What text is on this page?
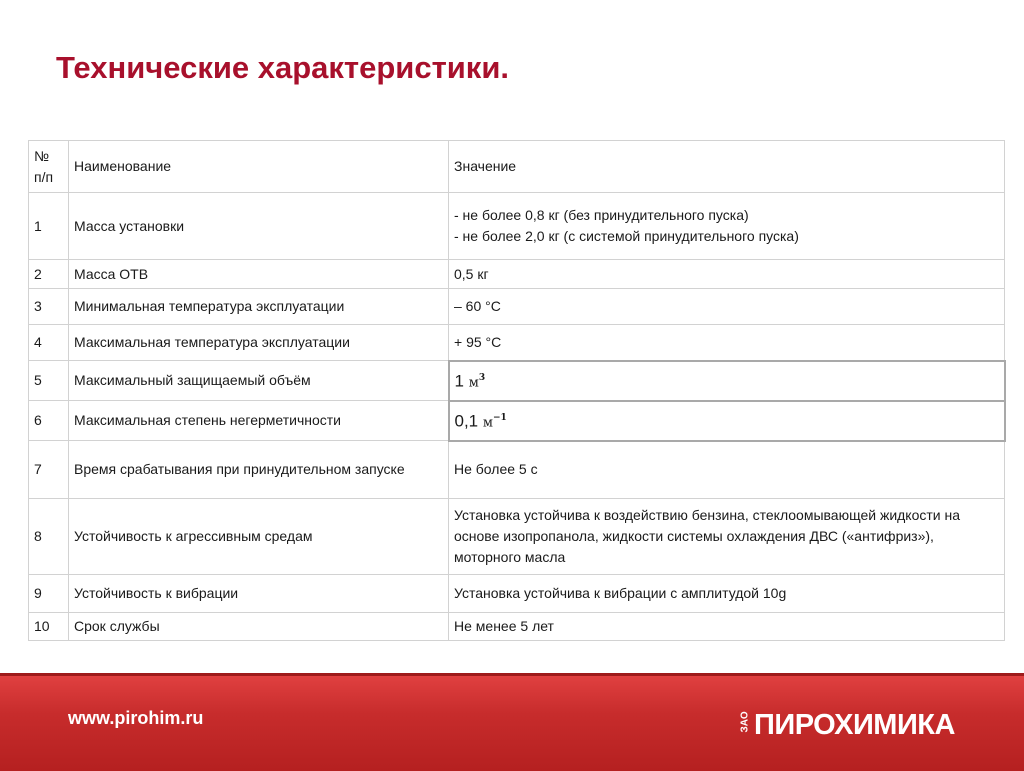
Технические характеристики.
№ п/п	Наименование	Значение
1	Масса установки	- не более 0,8 кг (без принудительного пуска)
- не более 2,0 кг (с системой принудительного пуска)

2	Масса ОТВ	0,5 кг
3	Минимальная температура эксплуатации	– 60 °С
4	Максимальная температура эксплуатации	+ 95 °С
5	Максимальный защищаемый объём	1 $м^3$
6	Максимальная степень негерметичности	0,1 $м^{-1}$
7	Время срабатывания при принудительном запуске	Не более 5 с
8	Устойчивость к агрессивным средам	Установка устойчива к воздействию бензина, стеклоомывающей жидкости на основе изопропанола, жидкости системы охлаждения ДВС («антифриз»), моторного масла
9	Устойчивость к вибрации	Установка устойчива к вибрации с амплитудой 10g
10	Срок службы	Не менее 5 лет
www.pirohim.ru	ЗАО ПИРОХИМИКА
